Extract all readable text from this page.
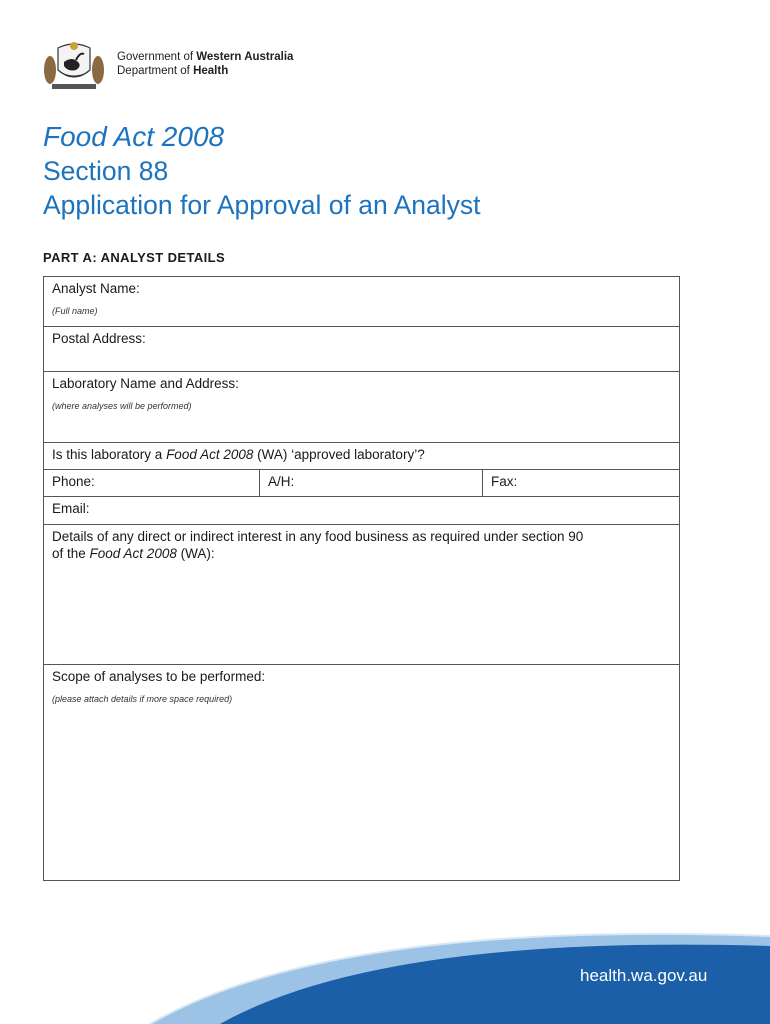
Government of Western Australia
Department of Health
Food Act 2008
Section 88
Application for Approval of an Analyst
PART A: ANALYST DETAILS
Analyst Name:
(Full name)
Postal Address:
Laboratory Name and Address:
(where analyses will be performed)
Is this laboratory a Food Act 2008 (WA) ‘approved laboratory’?
Phone:	A/H:	Fax:
Email:
Details of any direct or indirect interest in any food business as required under section 90
of the Food Act 2008 (WA):
Scope of analyses to be performed:
(please attach details if more space required)
health.wa.gov.au
